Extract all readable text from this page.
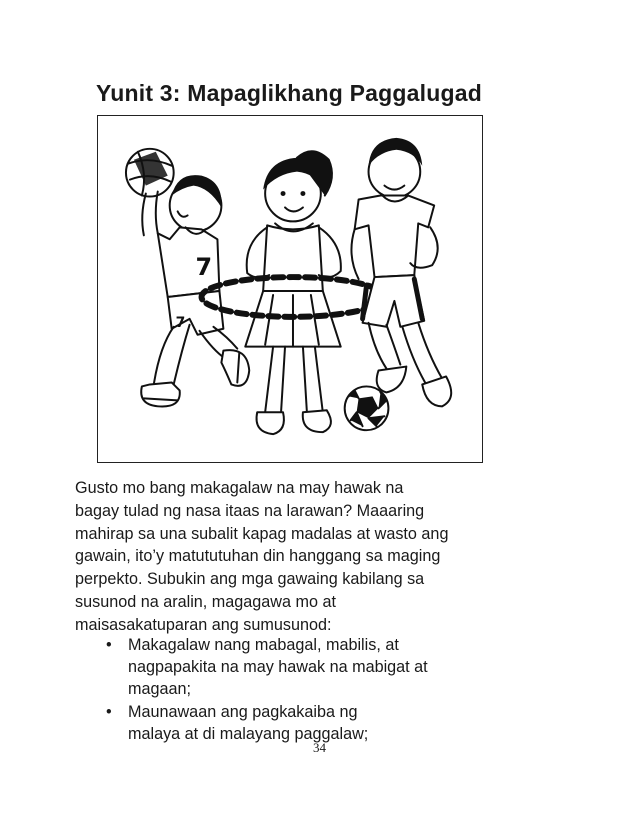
Yunit 3: Mapaglikhang Paggalugad
7
7

Gusto mo bang makagalaw na may hawak na
bagay tulad ng nasa itaas na larawan? Maaaring
mahirap sa una subalit kapag madalas at wasto ang
gawain, ito’y matututuhan din hanggang sa maging
perpekto. Subukin ang mga gawaing kabilang sa
susunod na aralin, magagawa mo at
maisasakatuparan ang sumusunod:

• Makagalaw nang mabagal, mabilis, at
nagpapakita na may hawak na mabigat at
magaan;
• Maunawaan ang pagkakaiba ng
malaya at di malayang paggalaw;
34
